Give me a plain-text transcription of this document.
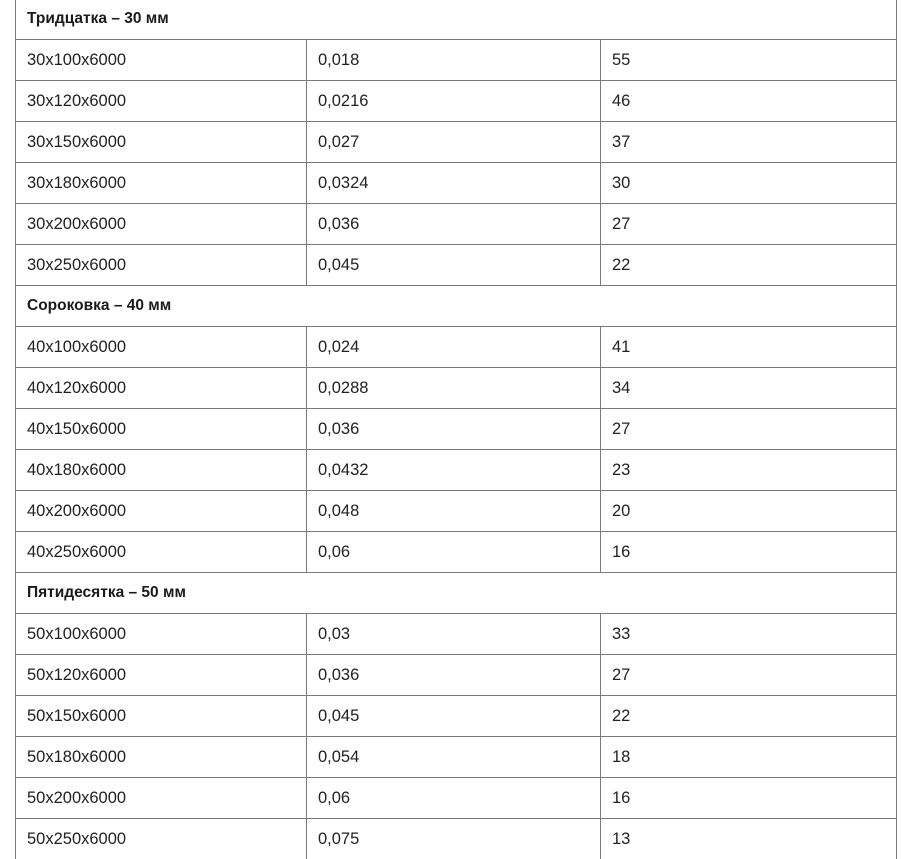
Тридцатка – 30 мм		
30x100x6000	0,018	55
30x120x6000	0,0216	46
30x150x6000	0,027	37
30x180x6000	0,0324	30
30x200x6000	0,036	27
30x250x6000	0,045	22
Сороковка – 40 мм		
40x100x6000	0,024	41
40x120x6000	0,0288	34
40x150x6000	0,036	27
40x180x6000	0,0432	23
40x200x6000	0,048	20
40x250x6000	0,06	16
Пятидесятка – 50 мм		
50x100x6000	0,03	33
50x120x6000	0,036	27
50x150x6000	0,045	22
50x180x6000	0,054	18
50x200x6000	0,06	16
50x250x6000	0,075	13
